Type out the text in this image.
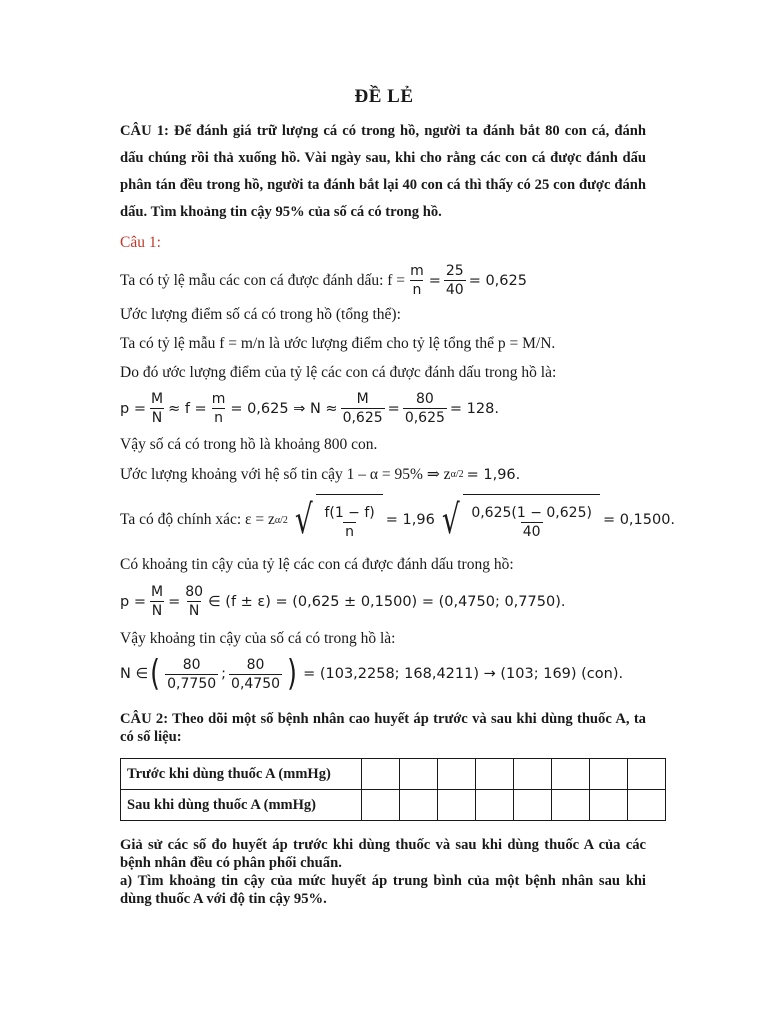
ĐỀ LẺ
CÂU 1: Để đánh giá trữ lượng cá có trong hồ, người ta đánh bắt 80 con cá, đánh dấu chúng rồi thả xuống hồ. Vài ngày sau, khi cho rằng các con cá được đánh dấu phân tán đều trong hồ, người ta đánh bắt lại 40 con cá thì thấy có 25 con được đánh dấu. Tìm khoảng tin cậy 95% của số cá có trong hồ.
Câu 1:
Ta có tỷ lệ mẫu các con cá được đánh dấu: $f = \frac{m}{n} = \frac{25}{40} = 0,625$
Ước lượng điểm số cá có trong hồ (tổng thể):
Ta có tỷ lệ mẫu f = m/n là ước lượng điểm cho tỷ lệ tổng thể p = M/N.
Do đó ước lượng điểm của tỷ lệ các con cá được đánh dấu trong hồ là:
$p = \frac{M}{N} \approx f = \frac{m}{n} = 0,625$ ⇒ $N \approx \frac{M}{0,625} = \frac{80}{0,625} = 128$.
Vậy số cá có trong hồ là khoảng 800 con.
Ước lượng khoảng với hệ số tin cậy 1 – α = 95% ⇒ z α/2 = 1,96.
Ta có độ chính xác: ε = z α/2 √ $\frac{f(1 - f)}{n} = 1,96$ √ $\frac{0,625(1 - 0,625)}{40} = 0,1500$.
Có khoảng tin cậy của tỷ lệ các con cá được đánh dấu trong hồ:
$p = \frac{M}{N} = \frac{80}{N}$ ∈ (f ± ε) = (0,625 ± 0,1500) = (0,4750; 0,7750).
Vậy khoảng tin cậy của số cá có trong hồ là:
N ∈ ( $\frac{80}{0,7750}$ ; $\frac{80}{0,4750}$ ) = (103,2258; 168,4211) → (103; 169) (con).
CÂU 2: Theo dõi một số bệnh nhân cao huyết áp trước và sau khi dùng thuốc A, ta có số liệu:
Trước khi dùng thuốc A (mmHg)								
Sau khi dùng thuốc A (mmHg)								
Giả sử các số đo huyết áp trước khi dùng thuốc và sau khi dùng thuốc A của các bệnh nhân đều có phân phối chuẩn.
a) Tìm khoảng tin cậy của mức huyết áp trung bình của một bệnh nhân sau khi dùng thuốc A với độ tin cậy 95%.
